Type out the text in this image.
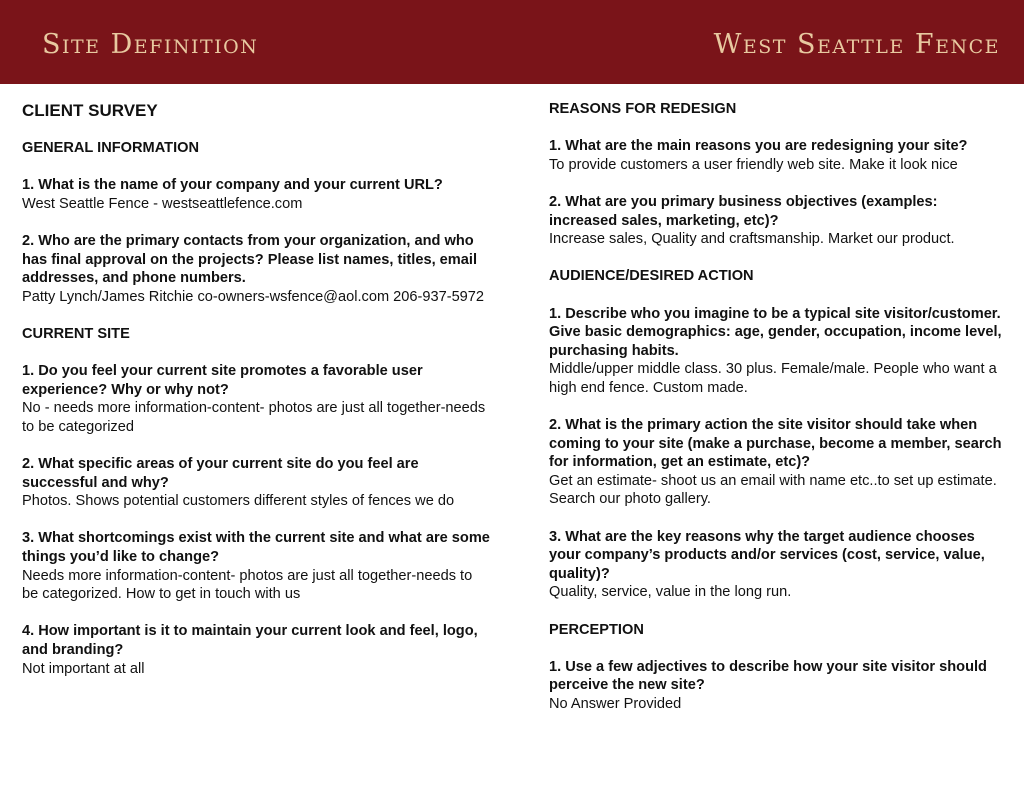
Site Definition	West Seattle Fence
CLIENT SURVEY
GENERAL INFORMATION
1. What is the name of your company and your current URL?
West Seattle Fence - westseattlefence.com
2. Who are the primary contacts from your organization, and who has final approval on the projects? Please list names, titles, email addresses, and phone numbers.
Patty Lynch/James Ritchie co-owners-wsfence@aol.com 206-937-5972
CURRENT SITE
1. Do you feel your current site promotes a favorable user experience? Why or why not?
No - needs more information-content- photos are just all together-needs to be categorized
2. What specific areas of your current site do you feel are successful and why?
Photos. Shows potential customers different styles of fences we do
3. What shortcomings exist with the current site and what are some things you’d like to change?
Needs more information-content- photos are just all together-needs to be categorized. How to get in touch with us
4. How important is it to maintain your current look and feel, logo, and branding?
Not important at all
REASONS FOR REDESIGN
1. What are the main reasons you are redesigning your site?
To provide customers a user friendly web site. Make it look nice
2. What are you primary business objectives (examples: increased sales, marketing, etc)?
Increase sales, Quality and craftsmanship. Market our product.
AUDIENCE/DESIRED ACTION
1. Describe who you imagine to be a typical site visitor/customer. Give basic demographics: age, gender, occupation, income level, purchasing habits.
Middle/upper middle class. 30 plus. Female/male. People who want a high end fence. Custom made.
2. What is the primary action the site visitor should take when coming to your site (make a purchase, become a member, search for information, get an estimate, etc)?
Get an estimate- shoot us an email with name etc..to set up estimate. Search our photo gallery.
3. What are the key reasons why the target audience chooses your company’s products and/or services (cost, service, value, quality)?
Quality, service, value in the long run.
PERCEPTION
1. Use a few adjectives to describe how your site visitor should perceive the new site?
No Answer Provided
